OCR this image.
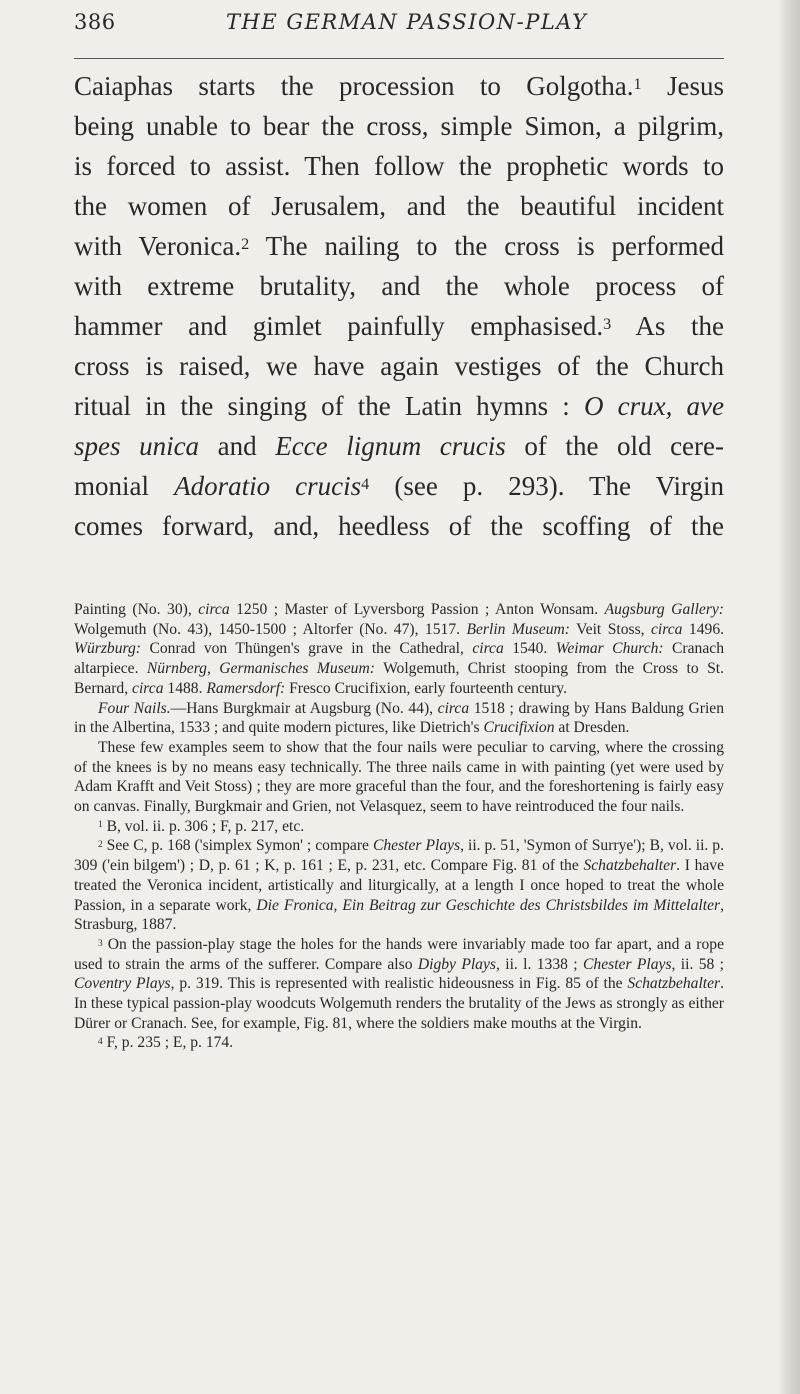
386	THE GERMAN PASSION-PLAY
Caiaphas starts the procession to Golgotha.$^1$ Jesus
being unable to bear the cross, simple Simon, a pilgrim,
is forced to assist. Then follow the prophetic words to
the women of Jerusalem, and the beautiful incident
with Veronica.$^2$ The nailing to the cross is performed
with extreme brutality, and the whole process of
hammer and gimlet painfully emphasised.$^3$ As the
cross is raised, we have again vestiges of the Church
ritual in the singing of the Latin hymns : O crux, ave
spes unica and Ecce lignum crucis of the old cere-
monial Adoratio crucis$^4$ (see p. 293). The Virgin
comes forward, and, heedless of the scoffing of the

Painting (No. 30), circa 1250 ; Master of Lyversborg Passion ; Anton Wonsam. Augsburg Gallery: Wolgemuth (No. 43), 1450-1500 ; Altorfer (No. 47), 1517. Berlin Museum: Veit Stoss, circa 1496. Würzburg: Conrad von Thüngen's grave in the Cathedral, circa 1540. Weimar Church: Cranach altarpiece. Nürnberg, Germanisches Museum: Wolgemuth, Christ stooping from the Cross to St. Bernard, circa 1488. Ramersdorf: Fresco Crucifixion, early fourteenth century.

Four Nails.—Hans Burgkmair at Augsburg (No. 44), circa 1518 ; drawing by Hans Baldung Grien in the Albertina, 1533 ; and quite modern pictures, like Dietrich's Crucifixion at Dresden.

These few examples seem to show that the four nails were peculiar to carving, where the crossing of the knees is by no means easy technically. The three nails came in with painting (yet were used by Adam Krafft and Veit Stoss) ; they are more graceful than the four, and the foreshortening is fairly easy on canvas. Finally, Burgkmair and Grien, not Velasquez, seem to have reintroduced the four nails.

$^1$ B, vol. ii. p. 306 ; F, p. 217, etc.

$^2$ See C, p. 168 ('simplex Symon' ; compare Chester Plays, ii. p. 51, 'Symon of Surrye'); B, vol. ii. p. 309 ('ein bilgem') ; D, p. 61 ; K, p. 161 ; E, p. 231, etc. Compare Fig. 81 of the Schatzbehalter. I have treated the Veronica incident, artistically and liturgically, at a length I once hoped to treat the whole Passion, in a separate work, Die Fronica, Ein Beitrag zur Geschichte des Christsbildes im Mittelalter, Strasburg, 1887.

$^3$ On the passion-play stage the holes for the hands were invariably made too far apart, and a rope used to strain the arms of the sufferer. Compare also Digby Plays, ii. l. 1338 ; Chester Plays, ii. 58 ; Coventry Plays, p. 319. This is represented with realistic hideousness in Fig. 85 of the Schatzbehalter. In these typical passion-play woodcuts Wolgemuth renders the brutality of the Jews as strongly as either Dürer or Cranach. See, for example, Fig. 81, where the soldiers make mouths at the Virgin.

$^4$ F, p. 235 ; E, p. 174.
